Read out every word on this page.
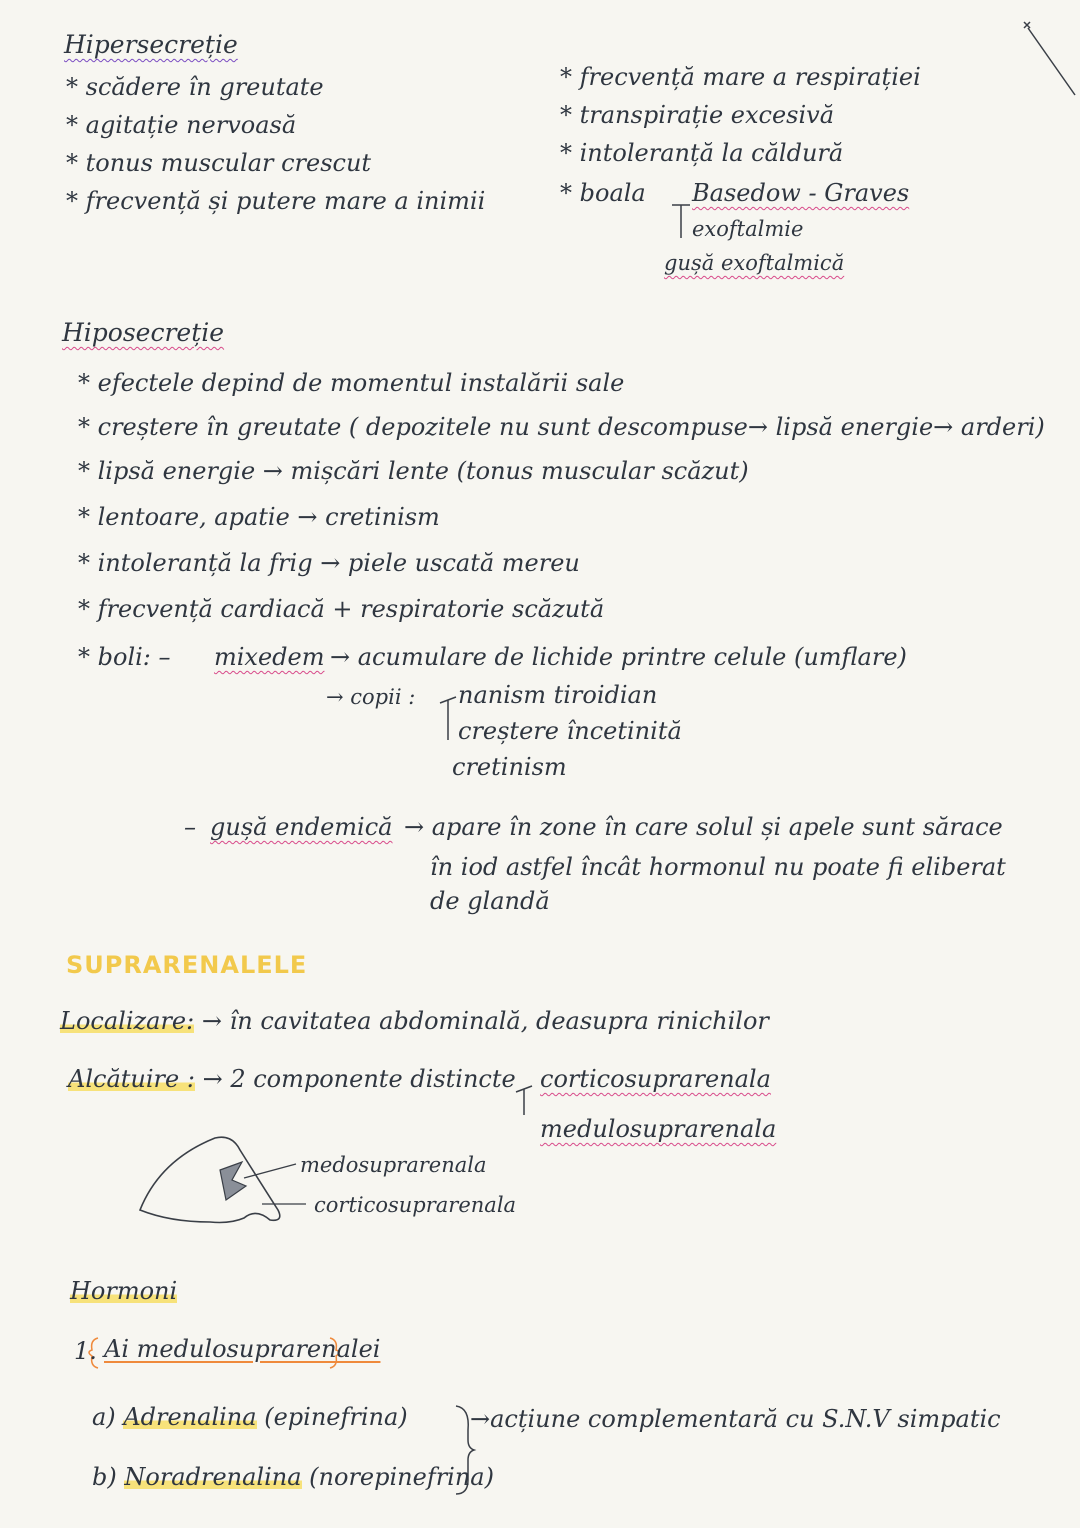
Hipersecreție
* scădere în greutate
* agitație nervoasă
* tonus muscular crescut
* frecvență și putere mare a inimii
* frecvență mare a respirației
* transpirație excesivă
* intoleranță la căldură
* boala Basedow - Graves
exoftalmie
gușă exoftalmică
Hiposecreție
* efectele depind de momentul instalării sale
* creștere în greutate ( depozitele nu sunt descompuse→ lipsă energie→ arderi)
* lipsă energie → mișcări lente (tonus muscular scăzut)
* lentoare, apatie → cretinism
* intoleranță la frig → piele uscată mereu
* frecvență cardiacă + respiratorie scăzută
* boli: – mixedem → acumulare de lichide printre celule (umflare)
→ copii : nanism tiroidian
creștere încetinită
cretinism
– gușă endemică → apare în zone în care solul și apele sunt sărace
în iod astfel încât hormonul nu poate fi eliberat
de glandă
SUPRARENALELE
Localizare: → în cavitatea abdominală, deasupra rinichilor
Alcătuire : → 2 componente distincte corticosuprarenala
medulosuprarenala
medosuprarenala
corticosuprarenala
Hormoni
1. Ai medulosuprarenalei
a) Adrenalina (epinefrina)
b) Noradrenalina (norepinefrina)
→acțiune complementară cu S.N.V simpatic
